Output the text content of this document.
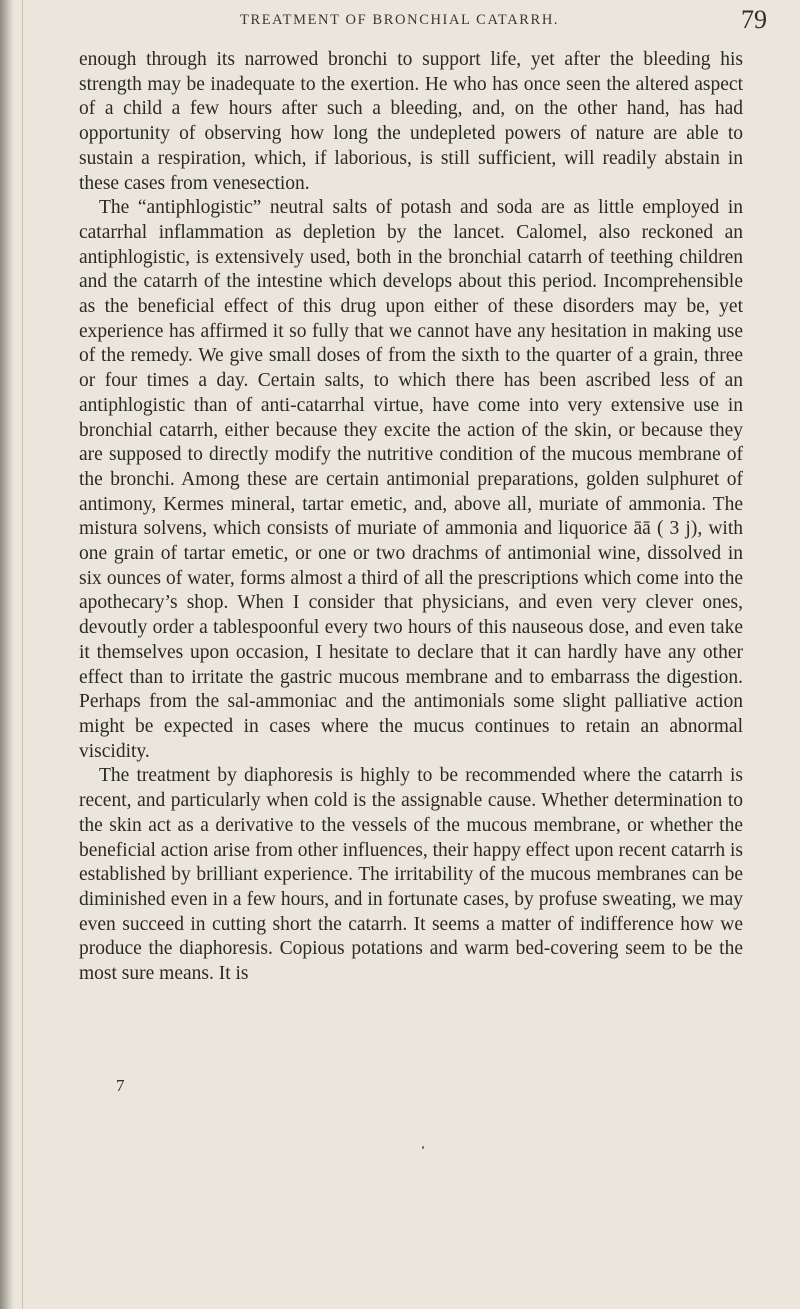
TREATMENT OF BRONCHIAL CATARRH.	79

enough through its narrowed bronchi to support life, yet after the bleeding his strength may be inadequate to the exertion. He who has once seen the altered aspect of a child a few hours after such a bleeding, and, on the other hand, has had opportunity of observing how long the undepleted powers of nature are able to sustain a respiration, which, if laborious, is still sufficient, will readily abstain in these cases from venesection.

The “antiphlogistic” neutral salts of potash and soda are as little employed in catarrhal inflammation as depletion by the lancet. Calomel, also reckoned an antiphlogistic, is extensively used, both in the bronchial catarrh of teething children and the catarrh of the intestine which develops about this period. Incomprehensible as the beneficial effect of this drug upon either of these disorders may be, yet experience has affirmed it so fully that we cannot have any hesitation in making use of the remedy. We give small doses of from the sixth to the quarter of a grain, three or four times a day. Certain salts, to which there has been ascribed less of an antiphlogistic than of anti-catarrhal virtue, have come into very extensive use in bronchial catarrh, either because they excite the action of the skin, or because they are supposed to directly modify the nutritive condition of the mucous membrane of the bronchi. Among these are certain antimonial preparations, golden sulphuret of antimony, Kermes mineral, tartar emetic, and, above all, muriate of ammonia. The mistura solvens, which consists of muriate of ammonia and liquorice āā ( 3 j), with one grain of tartar emetic, or one or two drachms of antimonial wine, dissolved in six ounces of water, forms almost a third of all the prescriptions which come into the apothecary’s shop. When I consider that physicians, and even very clever ones, devoutly order a tablespoonful every two hours of this nauseous dose, and even take it themselves upon occasion, I hesitate to declare that it can hardly have any other effect than to irritate the gastric mucous membrane and to embarrass the digestion. Perhaps from the sal-ammoniac and the antimonials some slight palliative action might be expected in cases where the mucus continues to retain an abnormal viscidity.

The treatment by diaphoresis is highly to be recommended where the catarrh is recent, and particularly when cold is the assignable cause. Whether determination to the skin act as a derivative to the vessels of the mucous membrane, or whether the beneficial action arise from other influences, their happy effect upon recent catarrh is established by brilliant experience. The irritability of the mucous membranes can be diminished even in a few hours, and in fortunate cases, by profuse sweating, we may even succeed in cutting short the catarrh. It seems a matter of indifference how we produce the diaphoresis. Copious potations and warm bed-covering seem to be the most sure means. It is

7
